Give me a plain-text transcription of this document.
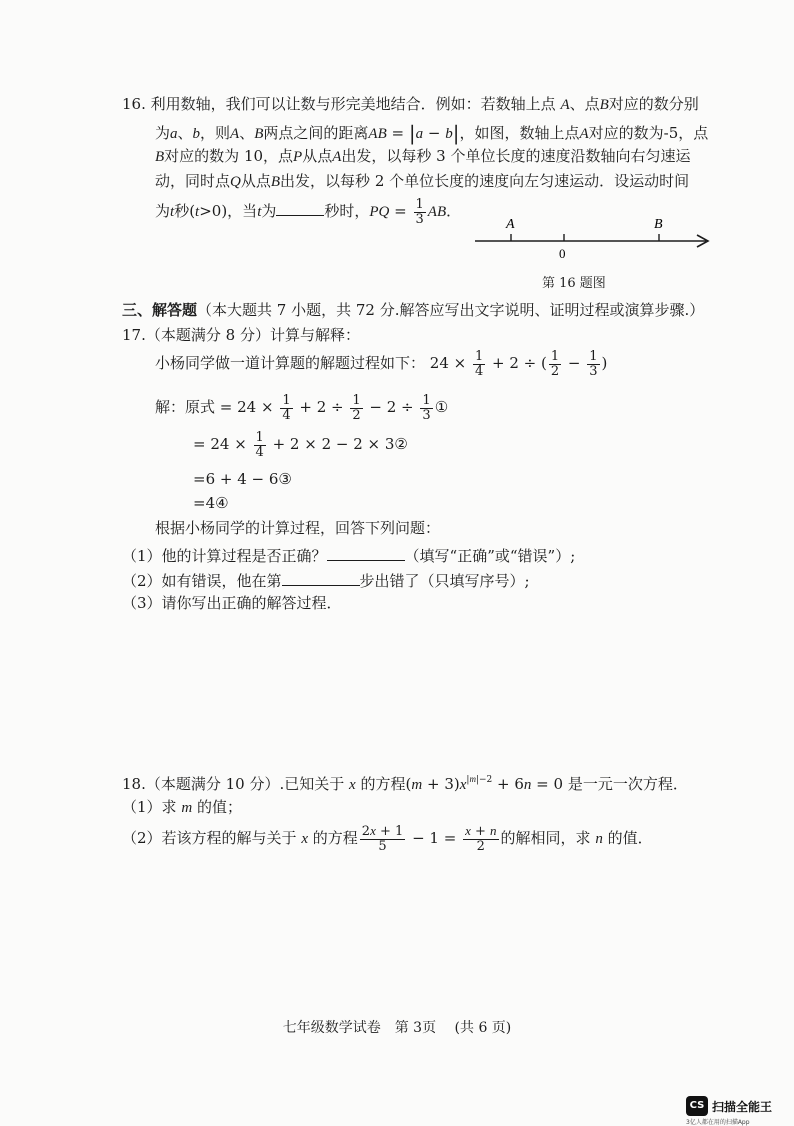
16. 利用数轴，我们可以让数与形完美地结合．例如：若数轴上点 A、点B对应的数分别
为a、b，则A、B两点之间的距离AB = |a − b|，如图，数轴上点A对应的数为-5，点
B对应的数为 10，点P从点A出发，以每秒 3 个单位长度的速度沿数轴向右匀速运
动，同时点Q从点B出发，以每秒 2 个单位长度的速度向左匀速运动．设运动时间
为t秒(t>0)，当t为	秒时，PQ = $\frac{1}{3}$ AB．
A	B
0
第 16 题图
三、解答题（本大题共 7 小题，共 72 分.解答应写出文字说明、证明过程或演算步骤.）
17.（本题满分 8 分）计算与解释：
小杨同学做一道计算题的解题过程如下： $24 \times \frac{1}{4} + 2$ ÷ ( $\frac{1}{2} - \frac{1}{3}$ )
解：原式 = $24 \times \frac{1}{4} + 2 \div \frac{1}{2} - 2 \div \frac{1}{3}$ ①
= $24 \times \frac{1}{4} + 2 \times 2 - 2$ × 3②
=6 + 4 − 6③
=4④
根据小杨同学的计算过程，回答下列问题：
（1）他的计算过程是否正确？	（填写“正确”或“错误”）;
（2）如有错误，他在第	步出错了（只填写序号）;
（3）请你写出正确的解答过程．
18.（本题满分 10 分）.已知关于 x 的方程$(m + 3)x^{|m|-2} + 6n = 0$ 是一元一次方程．
（1）求 m 的值；
（2）若该方程的解与关于 x 的方程 $\frac{2x + 1}{5} - 1 = \frac{x + n}{2}$ 的解相同，求 n 的值．
七年级数学试卷　第 3页　 (共 6 页)
CS 扫描全能王
3亿人都在用的扫描App
